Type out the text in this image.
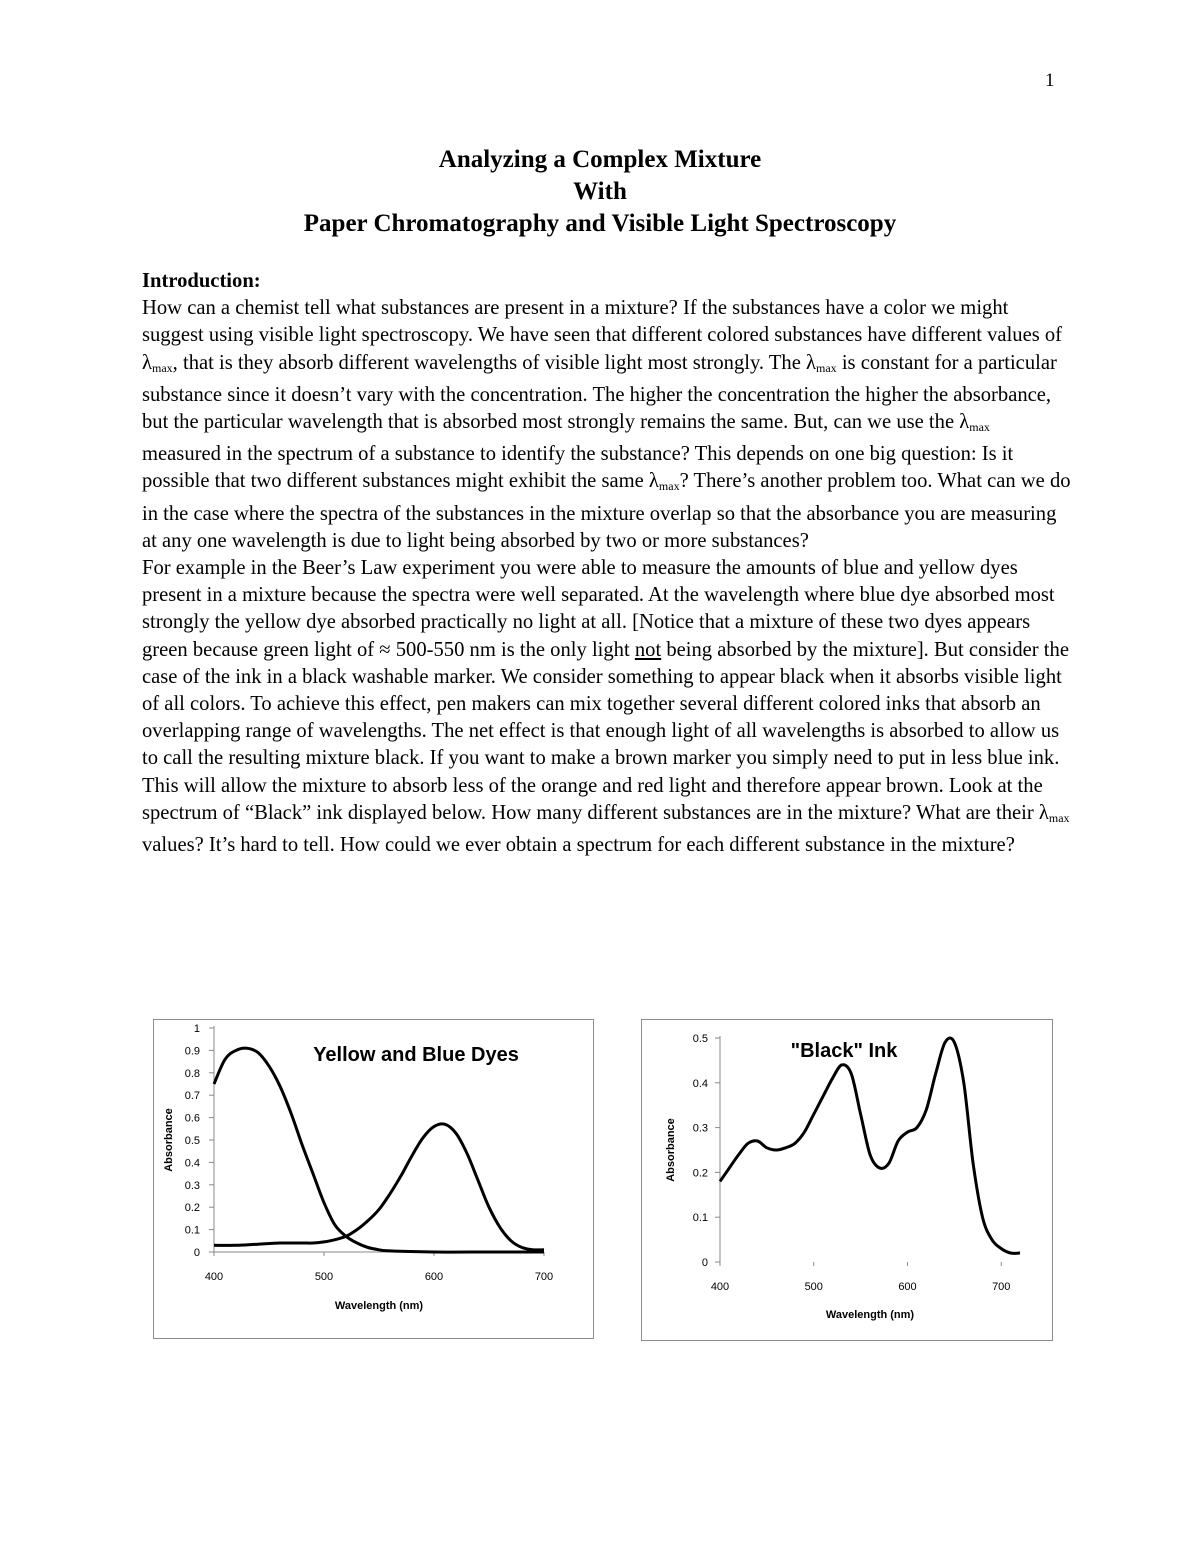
1
Analyzing a Complex Mixture
With
Paper Chromatography and Visible Light Spectroscopy
Introduction:
How can a chemist tell what substances are present in a mixture? If the substances have a color we might suggest using visible light spectroscopy. We have seen that different colored substances have different values of $\lambda_{max}$, that is they absorb different wavelengths of visible light most strongly. The $\lambda_{max}$ is constant for a particular substance since it doesn’t vary with the concentration. The higher the concentration the higher the absorbance, but the particular wavelength that is absorbed most strongly remains the same. But, can we use the $\lambda_{max}$ measured in the spectrum of a substance to identify the substance? This depends on one big question: Is it possible that two different substances might exhibit the same $\lambda_{max}$? There’s another problem too. What can we do in the case where the spectra of the substances in the mixture overlap so that the absorbance you are measuring at any one wavelength is due to light being absorbed by two or more substances?
For example in the Beer’s Law experiment you were able to measure the amounts of blue and yellow dyes present in a mixture because the spectra were well separated. At the wavelength where blue dye absorbed most strongly the yellow dye absorbed practically no light at all. [Notice that a mixture of these two dyes appears green because green light of ≈ 500-550 nm is the only light not being absorbed by the mixture]. But consider the case of the ink in a black washable marker. We consider something to appear black when it absorbs visible light of all colors. To achieve this effect, pen makers can mix together several different colored inks that absorb an overlapping range of wavelengths. The net effect is that enough light of all wavelengths is absorbed to allow us to call the resulting mixture black. If you want to make a brown marker you simply need to put in less blue ink. This will allow the mixture to absorb less of the orange and red light and therefore appear brown. Look at the spectrum of “Black” ink displayed below. How many different substances are in the mixture? What are their $\lambda_{max}$ values? It’s hard to tell. How could we ever obtain a spectrum for each different substance in the mixture?
0
0.1
0.2
0.3
0.4
0.5
0.6
0.7
0.8
0.9
1
400	500	600	700
Yellow and Blue Dyes
Wavelength (nm)
Absorbance
0
0.1
0.2
0.3
0.4
0.5
400	500	600	700
"Black" Ink
Wavelength (nm)
Absorbance
